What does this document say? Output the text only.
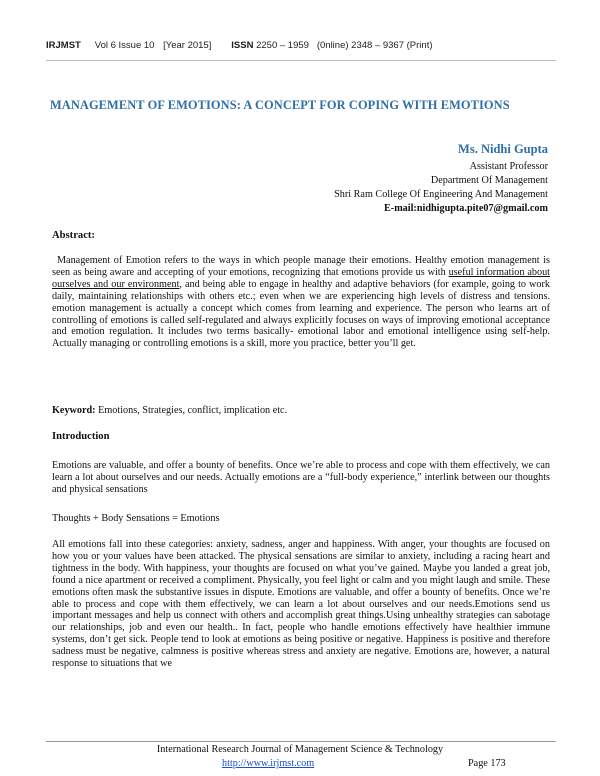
IRJMST Vol 6 Issue 10 [Year 2015] ISSN 2250 – 1959   (0nline) 2348 – 9367 (Print)
MANAGEMENT OF EMOTIONS: A CONCEPT FOR COPING WITH EMOTIONS
Ms. Nidhi Gupta
Assistant Professor
Department Of Management
Shri Ram College Of Engineering And Management
E-mail:nidhigupta.pite07@gmail.com
Abstract:
Management of Emotion refers to the ways in which people manage their emotions. Healthy emotion management is seen as being aware and accepting of your emotions, recognizing that emotions provide us with useful information about ourselves and our environment, and being able to engage in healthy and adaptive behaviors (for example, going to work daily, maintaining relationships with others etc.; even when we are experiencing high levels of distress and tensions. emotion management is actually a concept which comes from learning and experience. The person who learns art of controlling of emotions is called self-regulated and always explicitly focuses on ways of improving emotional acceptance and emotion regulation. It includes two terms basically- emotional labor and emotional intelligence using self-help. Actually managing or controlling emotions is a skill, more you practice, better you’ll get.
Keyword: Emotions, Strategies, conflict, implication etc.
Introduction
Emotions are valuable, and offer a bounty of benefits. Once we’re able to process and cope with them effectively, we can learn a lot about ourselves and our needs. Actually emotions are a “full-body experience,” interlink between our thoughts and physical sensations
Thoughts + Body Sensations = Emotions
All emotions fall into these categories: anxiety, sadness, anger and happiness. With anger, your thoughts are focused on how you or your values have been attacked. The physical sensations are similar to anxiety, including a racing heart and tightness in the body. With happiness, your thoughts are focused on what you’ve gained. Maybe you landed a great job, found a nice apartment or received a compliment. Physically, you feel light or calm and you might laugh and smile. These emotions often mask the substantive issues in dispute. Emotions are valuable, and offer a bounty of benefits. Once we’re able to process and cope with them effectively, we can learn a lot about ourselves and our needs.Emotions send us important messages and help us connect with others and accomplish great things.Using unhealthy strategies can sabotage our relationships, job and even our health.. In fact, people who handle emotions effectively have healthier immune systems, don’t get sick. People tend to look at emotions as being positive or negative. Happiness is positive and therefore sadness must be negative, calmness is positive whereas stress and anxiety are negative. Emotions are, however, a natural response to situations that we
International Research Journal of Management Science & Technology
http://www.irjmst.com	Page 173
